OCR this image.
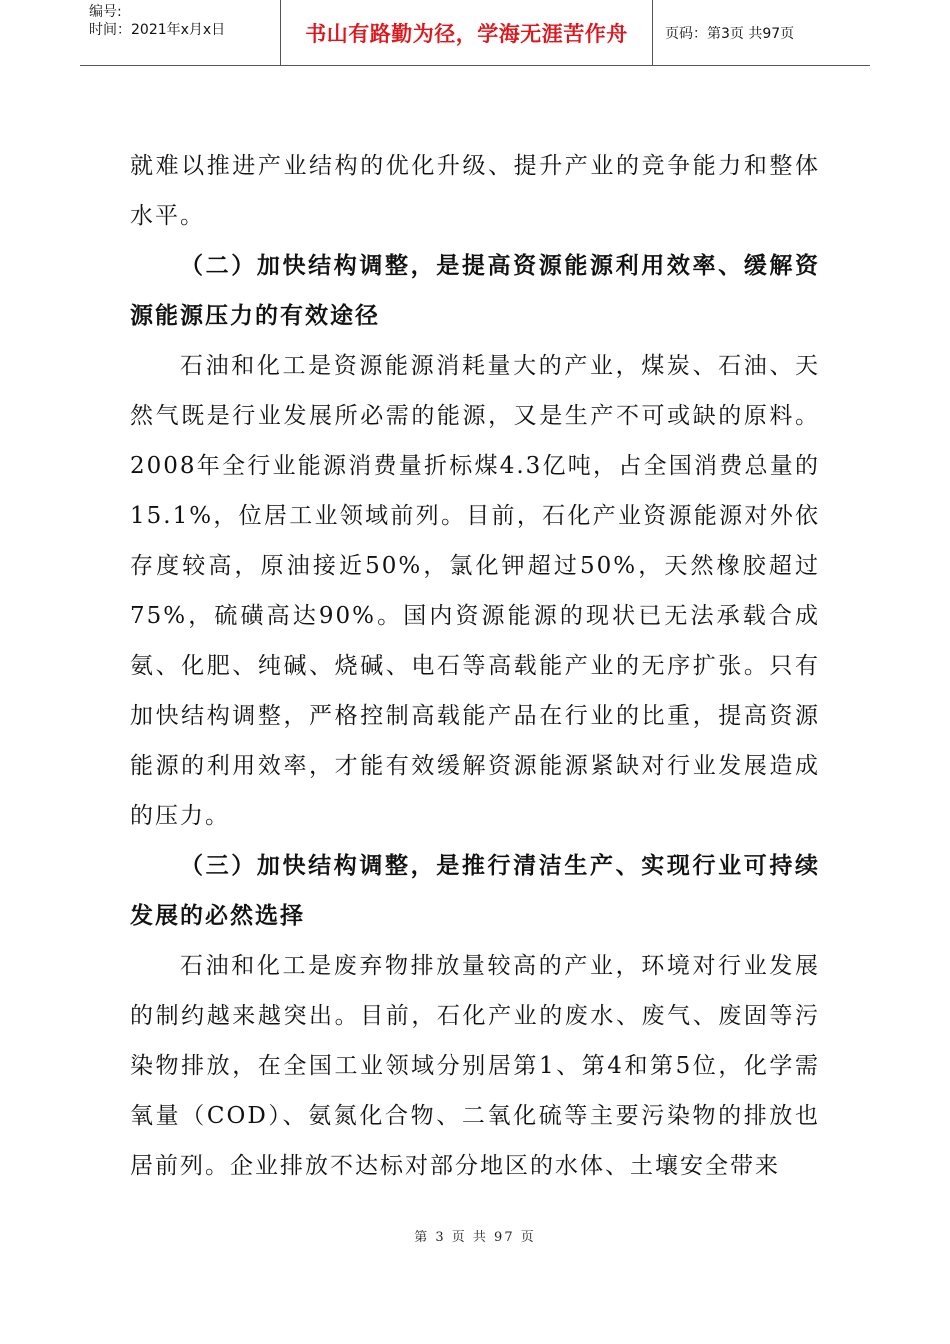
编号:
时间：2021年x月x日	书山有路勤为径，学海无涯苦作舟	页码：第3页 共97页

就难以推进产业结构的优化升级、提升产业的竞争能力和整体水平。

（二）加快结构调整，是提高资源能源利用效率、缓解资源能源压力的有效途径

石油和化工是资源能源消耗量大的产业，煤炭、石油、天然气既是行业发展所必需的能源，又是生产不可或缺的原料。2008年全行业能源消费量折标煤4.3亿吨，占全国消费总量的15.1%，位居工业领域前列。目前，石化产业资源能源对外依存度较高，原油接近50%，氯化钾超过50%，天然橡胶超过75%，硫磺高达90%。国内资源能源的现状已无法承载合成氨、化肥、纯碱、烧碱、电石等高载能产业的无序扩张。只有加快结构调整，严格控制高载能产品在行业的比重，提高资源能源的利用效率，才能有效缓解资源能源紧缺对行业发展造成的压力。

（三）加快结构调整，是推行清洁生产、实现行业可持续发展的必然选择

石油和化工是废弃物排放量较高的产业，环境对行业发展的制约越来越突出。目前，石化产业的废水、废气、废固等污染物排放，在全国工业领域分别居第1、第4和第5位，化学需氧量（COD）、氨氮化合物、二氧化硫等主要污染物的排放也居前列。企业排放不达标对部分地区的水体、土壤安全带来

第 3 页 共 97 页
